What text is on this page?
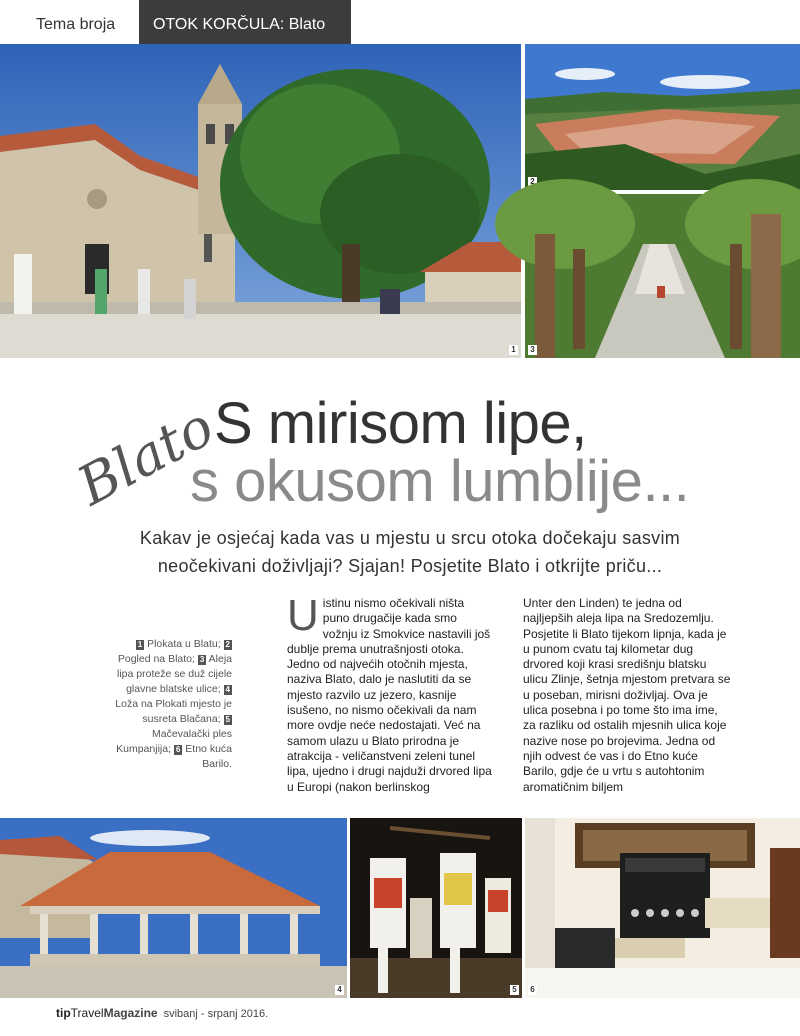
Tema broja	OTOK KORČULA: Blato
1
2
3
Blato
S mirisom lipe,
s okusom lumblije...
Kakav je osjećaj kada vas u mjestu u srcu otoka dočekaju sasvim neočekivani doživljaji? Sjajan! Posjetite Blato i otkrijte priču...
1 Plokata u Blatu; 2 Pogled na Blato; 3 Aleja lipa proteže se duž cijele glavne blatske ulice; 4 Loža na Plokati mjesto je susreta Blačana; 5 Mačevalački ples Kumpanjija; 6 Etno kuća Barilo.
Uistinu nismo očekivali ništa puno drugačije kada smo vožnju iz Smokvice nastavili još dublje prema unutrašnjosti otoka. Jedno od najvećih otočnih mjesta, naziva Blato, dalo je naslutiti da se mjesto razvilo uz jezero, kasnije isušeno, no nismo očekivali da nam more ovdje neće nedostajati. Već na samom ulazu u Blato prirodna je atrakcija - veličanstveni zeleni tunel lipa, ujedno i drugi najduži drvored lipa u Europi (nakon berlinskog
Unter den Linden) te jedna od najljepših aleja lipa na Sredozemlju. Posjetite li Blato tijekom lipnja, kada je u punom cvatu taj kilometar dug drvored koji krasi središnju blatsku ulicu Zlinje, šetnja mjestom pretvara se u poseban, mirisni doživljaj. Ova je ulica posebna i po tome što ima ime, za razliku od ostalih mjesnih ulica koje nazive nose po brojevima. Jedna od njih odvest će vas i do Etno kuće Barilo, gdje će u vrtu s autohtonim aromatičnim biljem
4	5 6
tipTravelMagazine svibanj - srpanj 2016.
